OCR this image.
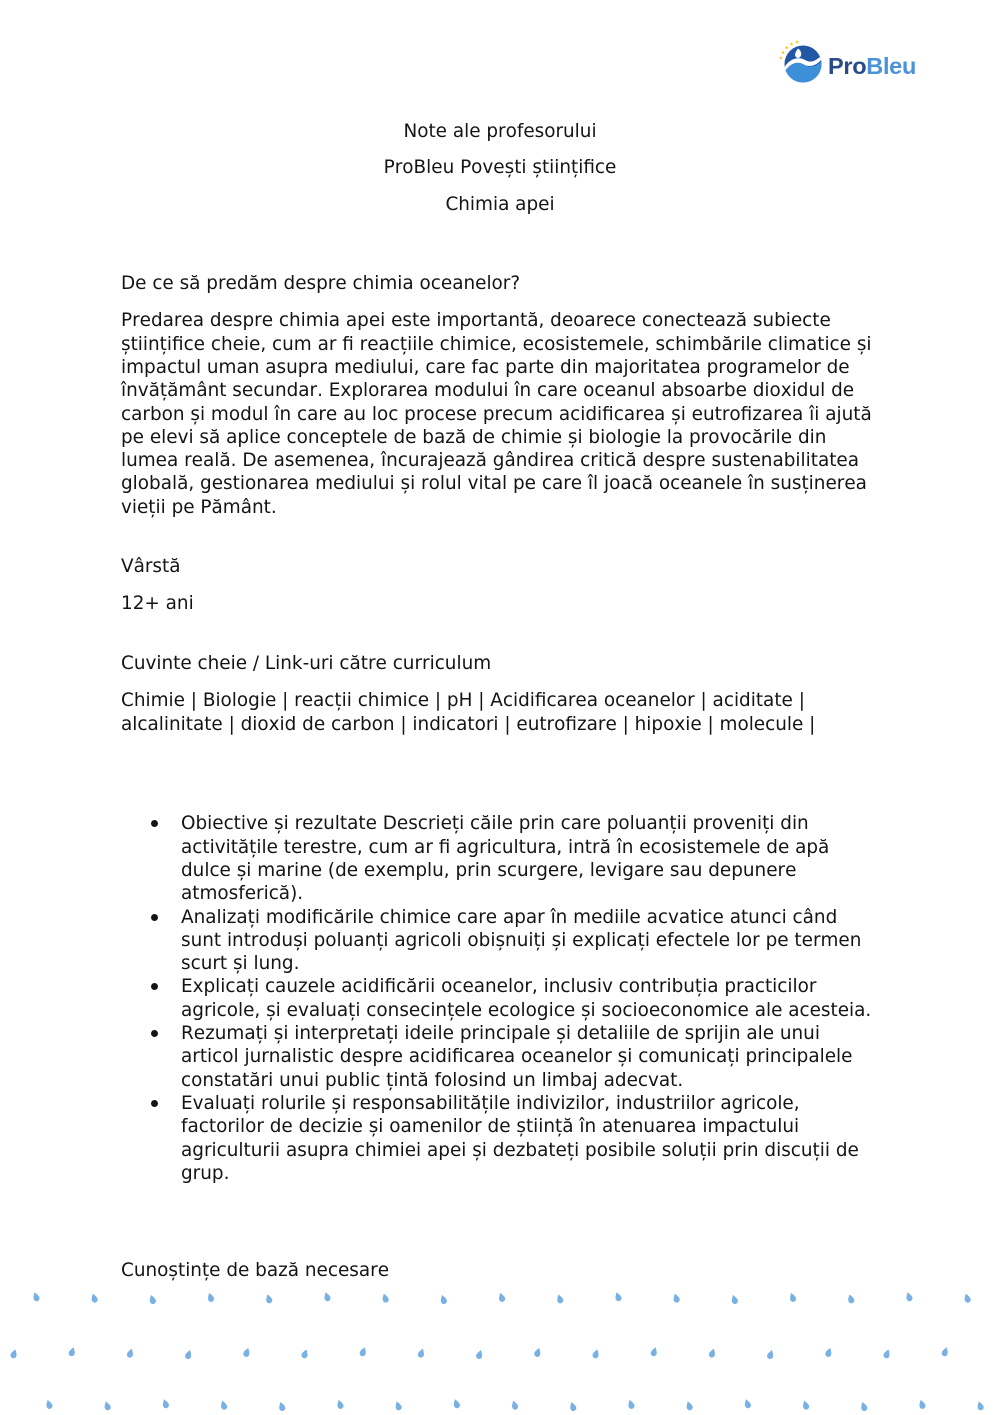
ProBleu
Note ale profesorului
ProBleu Povești științifice
Chimia apei
De ce să predăm despre chimia oceanelor?

Predarea despre chimia apei este importantă, deoarece conectează subiecte științifice cheie, cum ar fi reacțiile chimice, ecosistemele, schimbările climatice și impactul uman asupra mediului, care fac parte din majoritatea programelor de învățământ secundar. Explorarea modului în care oceanul absoarbe dioxidul de carbon și modul în care au loc procese precum acidificarea și eutrofizarea îi ajută pe elevi să aplice conceptele de bază de chimie și biologie la provocările din lumea reală. De asemenea, încurajează gândirea critică despre sustenabilitatea globală, gestionarea mediului și rolul vital pe care îl joacă oceanele în susținerea vieții pe Pământ.

Vârstă
12+ ani
Cuvinte cheie / Link-uri către curriculum

Chimie | Biologie | reacții chimice | pH | Acidificarea oceanelor | aciditate | alcalinitate | dioxid de carbon | indicatori | eutrofizare | hipoxie | molecule |

Obiective și rezultate Descrieți căile prin care poluanții proveniți din activitățile terestre, cum ar fi agricultura, intră în ecosistemele de apă dulce și marine (de exemplu, prin scurgere, levigare sau depunere atmosferică).
Analizați modificările chimice care apar în mediile acvatice atunci când sunt introduși poluanți agricoli obișnuiți și explicați efectele lor pe termen scurt și lung.
Explicați cauzele acidificării oceanelor, inclusiv contribuția practicilor agricole, și evaluați consecințele ecologice și socioeconomice ale acesteia.
Rezumați și interpretați ideile principale și detaliile de sprijin ale unui articol jurnalistic despre acidificarea oceanelor și comunicați principalele constatări unui public țintă folosind un limbaj adecvat.
Evaluați rolurile și responsabilitățile indivizilor, industriilor agricole, factorilor de decizie și oamenilor de știință în atenuarea impactului agriculturii asupra chimiei apei și dezbateți posibile soluții prin discuții de grup.
Cunoștințe de bază necesare
